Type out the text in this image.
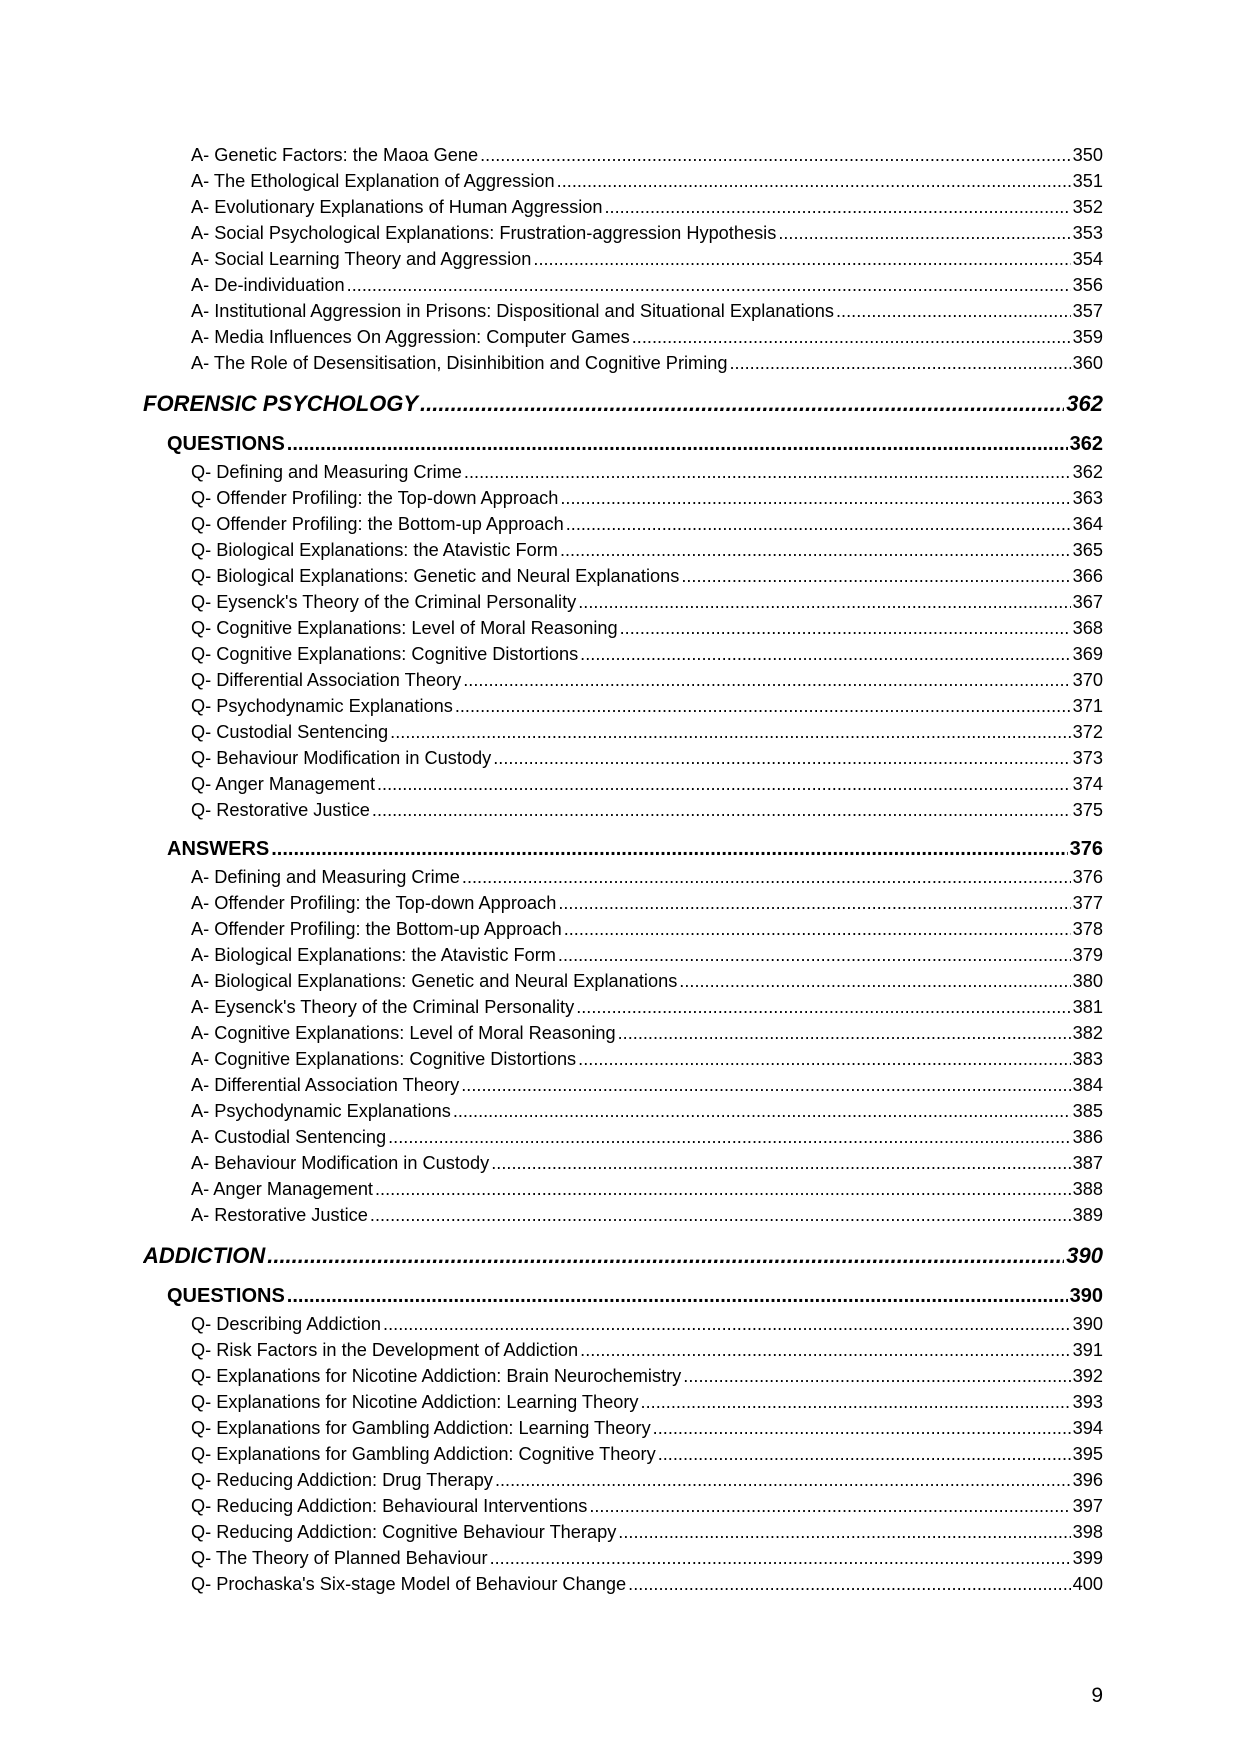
A- Genetic Factors: the Maoa Gene .....	350
A- The Ethological Explanation of Aggression .....	351
A- Evolutionary Explanations of Human Aggression .....	352
A- Social Psychological Explanations: Frustration-aggression Hypothesis .....	353
A- Social Learning Theory and Aggression .....	354
A- De-individuation .....	356
A- Institutional Aggression in Prisons: Dispositional and Situational Explanations .....	357
A- Media Influences On Aggression: Computer Games .....	359
A- The Role of Desensitisation, Disinhibition and Cognitive Priming .....	360
FORENSIC PSYCHOLOGY .....	362
QUESTIONS .....	362
Q- Defining and Measuring Crime .....	362
Q- Offender Profiling: the Top-down Approach .....	363
Q- Offender Profiling: the Bottom-up Approach .....	364
Q- Biological Explanations: the Atavistic Form .....	365
Q- Biological Explanations: Genetic and Neural Explanations .....	366
Q- Eysenck's Theory of the Criminal Personality .....	367
Q- Cognitive Explanations: Level of Moral Reasoning .....	368
Q- Cognitive Explanations: Cognitive Distortions .....	369
Q- Differential Association Theory .....	370
Q- Psychodynamic Explanations .....	371
Q- Custodial Sentencing .....	372
Q- Behaviour Modification in Custody .....	373
Q- Anger Management .....	374
Q- Restorative Justice .....	375
ANSWERS .....	376
A- Defining and Measuring Crime .....	376
A- Offender Profiling: the Top-down Approach .....	377
A- Offender Profiling: the Bottom-up Approach .....	378
A- Biological Explanations: the Atavistic Form .....	379
A- Biological Explanations: Genetic and Neural Explanations .....	380
A- Eysenck's Theory of the Criminal Personality .....	381
A- Cognitive Explanations: Level of Moral Reasoning .....	382
A- Cognitive Explanations: Cognitive Distortions .....	383
A- Differential Association Theory .....	384
A- Psychodynamic Explanations .....	385
A- Custodial Sentencing .....	386
A- Behaviour Modification in Custody .....	387
A- Anger Management .....	388
A- Restorative Justice .....	389
ADDICTION .....	390
QUESTIONS .....	390
Q- Describing Addiction .....	390
Q- Risk Factors in the Development of Addiction .....	391
Q- Explanations for Nicotine Addiction: Brain Neurochemistry .....	392
Q- Explanations for Nicotine Addiction: Learning Theory .....	393
Q- Explanations for Gambling Addiction: Learning Theory .....	394
Q- Explanations for Gambling Addiction: Cognitive Theory .....	395
Q- Reducing Addiction: Drug Therapy .....	396
Q- Reducing Addiction: Behavioural Interventions .....	397
Q- Reducing Addiction: Cognitive Behaviour Therapy .....	398
Q- The Theory of Planned Behaviour .....	399
Q- Prochaska's Six-stage Model of Behaviour Change .....	400
9
